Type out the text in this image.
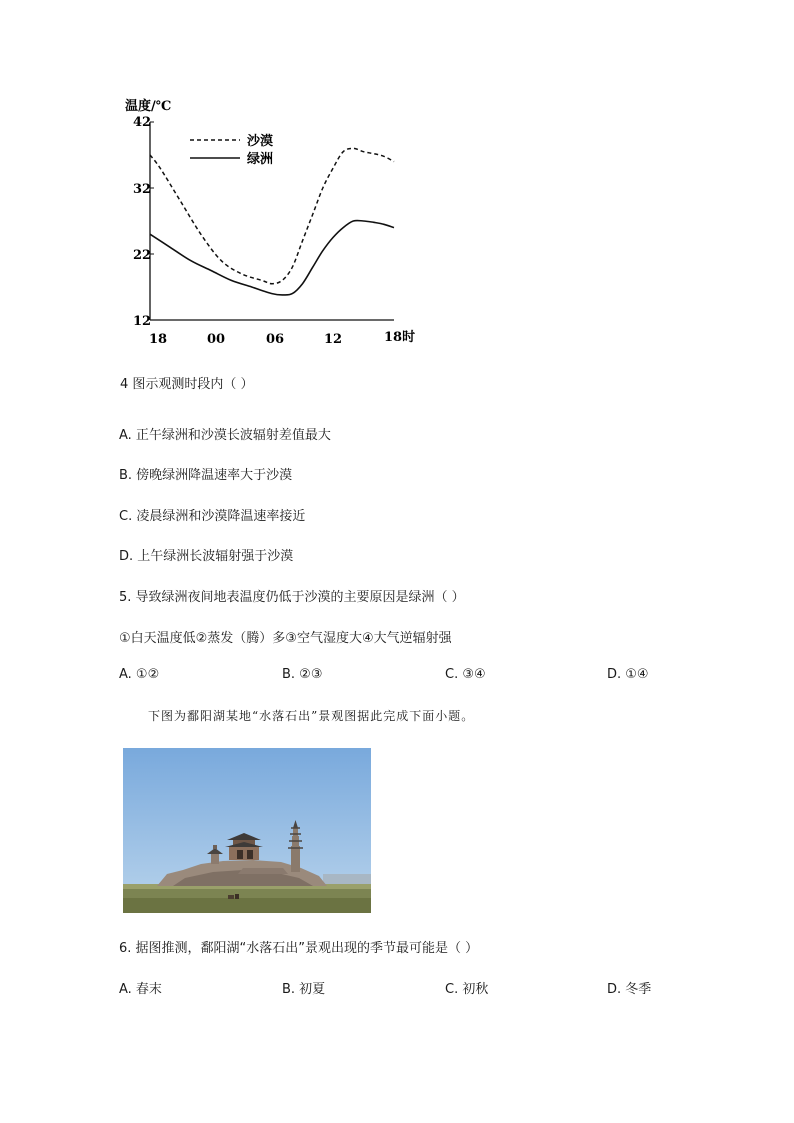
温度/℃
42
32
22
12
18	00	06	12	18时
沙漠
绿洲
4 图示观测时段内（ ）
A. 正午绿洲和沙漠长波辐射差值最大
B. 傍晚绿洲降温速率大于沙漠
C. 凌晨绿洲和沙漠降温速率接近
D. 上午绿洲长波辐射强于沙漠
5. 导致绿洲夜间地表温度仍低于沙漠的主要原因是绿洲（ ）
①白天温度低②蒸发（腾）多③空气湿度大④大气逆辐射强
A. ①②	B. ②③	C. ③④	D. ①④
下图为鄱阳湖某地“水落石出”景观图据此完成下面小题。
6. 据图推测，鄱阳湖“水落石出”景观出现的季节最可能是（ ）
A. 春末	B. 初夏	C. 初秋	D. 冬季
